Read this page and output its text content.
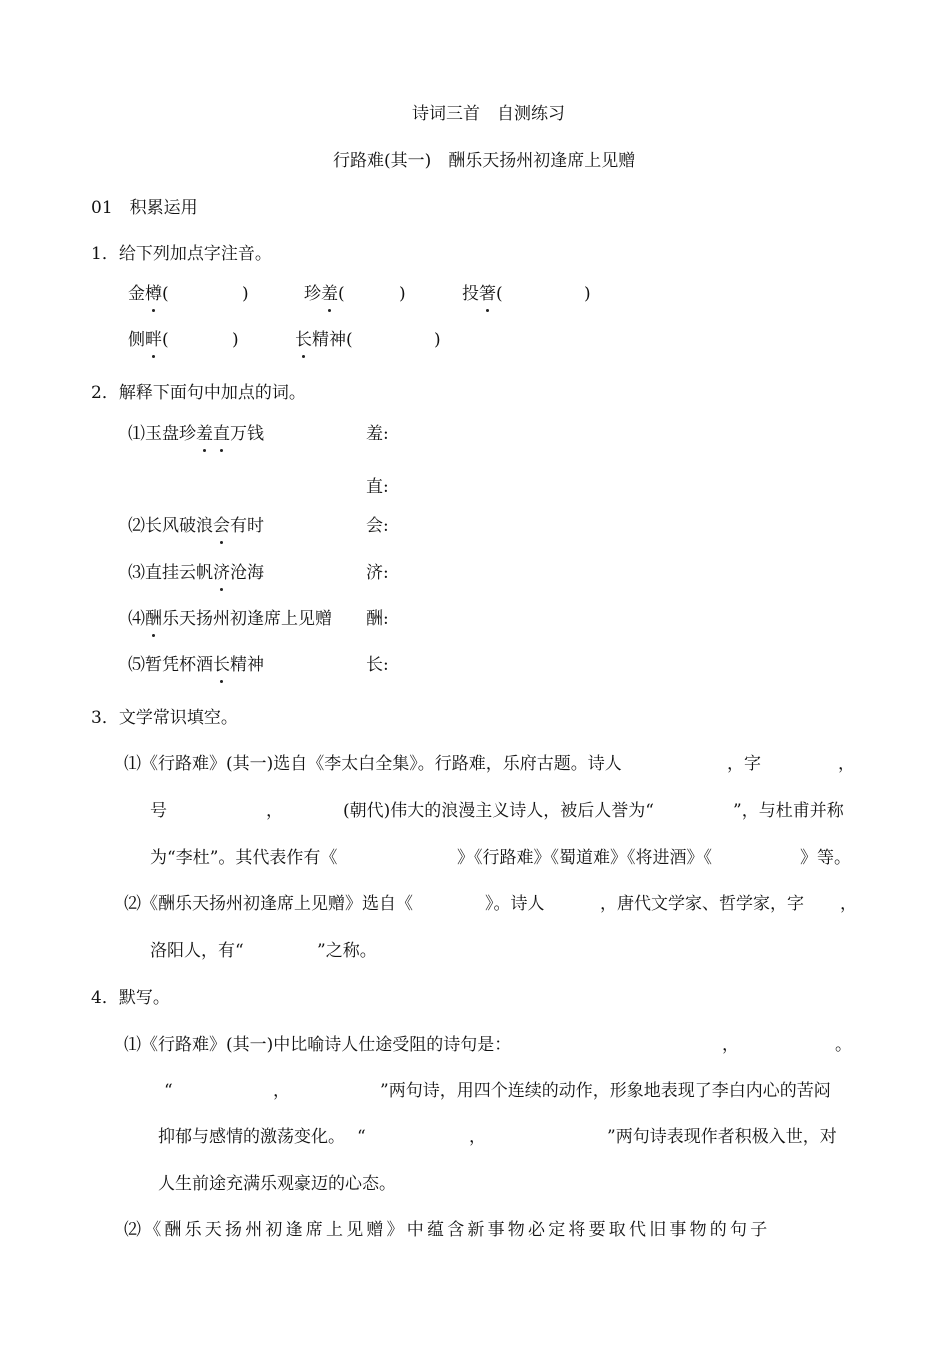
诗词三首　自测练习
行路难(其一)　酬乐天扬州初逢席上见赠
01　积累运用
1．给下列加点字注音。
金樽(	)	珍羞(	)	投箸(	)
侧畔(	)	长精神(	)
2．解释下面句中加点的词。
⑴玉盘珍羞直万钱	羞:
直:
⑵长风破浪会有时	会:
⑶直挂云帆济沧海	济:
⑷酬乐天扬州初逢席上见赠 酬:
⑸暂凭杯酒长精神	长:
3．文学常识填空。
⑴《行路难》(其一)选自《李太白全集》。行路难，乐府古题。诗人	，字	，
号	，	(朝代)伟大的浪漫主义诗人，被后人誉为“	”，与杜甫并称
为“李杜”。其代表作有《	》《行路难》《蜀道难》《将进酒》《	》等。
⑵《酬乐天扬州初逢席上见赠》选自《	》。诗人	，唐代文学家、哲学家，字 ，
洛阳人，有“	”之称。
4．默写。
⑴《行路难》(其一)中比喻诗人仕途受阻的诗句是：	，	。
“	，	”两句诗，用四个连续的动作，形象地表现了李白内心的苦闷
抑郁与感情的激荡变化。 “	，	”两句诗表现作者积极入世，对
人生前途充满乐观豪迈的心态。
⑵《酬乐天扬州初逢席上见赠》中蕴含新事物必定将要取代旧事物的句子
